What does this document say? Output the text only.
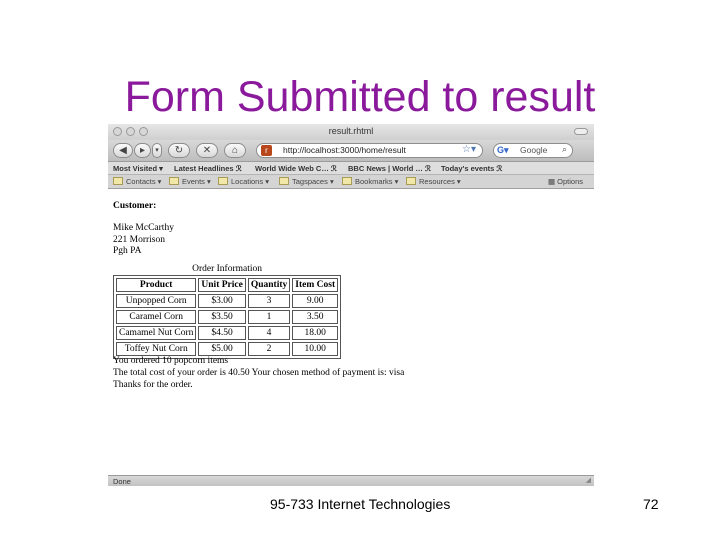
Form Submitted to result
result.rhtml
◀	▸	▾	↻	✕	⌂	r	http://localhost:3000/home/result	☆▾ G▾ Google ⌕
Most Visited ▾ Latest Headlines ℛ World Wide Web C… ℛ BBC News | World … ℛ Today's events ℛ
Contacts ▾	Events ▾	Locations ▾	Tagspaces ▾	Bookmarks ▾	Resources ▾	▦ Options
Customer:
Mike McCarthy
221 Morrison
Pgh PA
Order Information
Product	Unit Price	Quantity	Item Cost
Unpopped Corn	$3.00	3	9.00
Caramel Corn	$3.50	1	3.50
Camamel Nut Corn	$4.50	4	18.00
Toffey Nut Corn	$5.00	2	10.00
You ordered 10 popcorn items
The total cost of your order is 40.50 Your chosen method of payment is: visa
Thanks for the order.
Done	◢
95-733 Internet Technologies	72
